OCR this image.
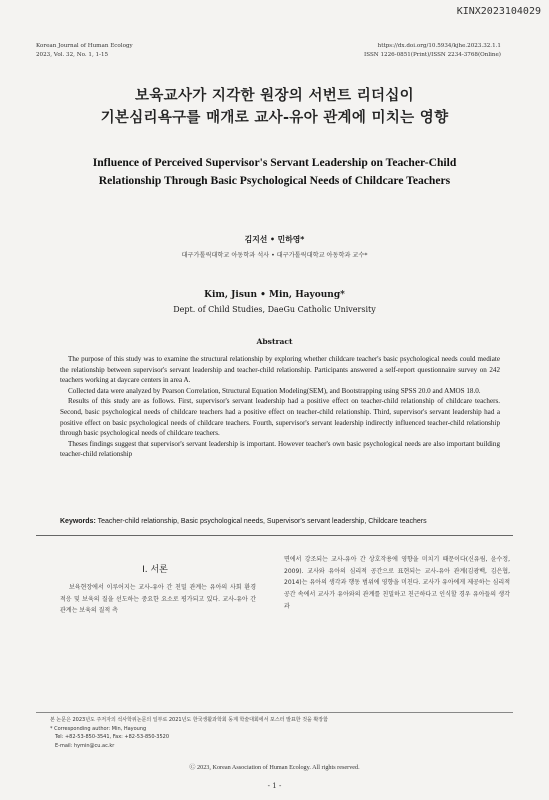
KINX2023104029
Korean Journal of Human Ecology
2023, Vol. 32, No. 1, 1-15
https://dx.doi.org/10.5934/kjhe.2023.32.1.1
ISSN 1226-0851(Print)/ISSN 2234-3768(Online)
보육교사가 지각한 원장의 서번트 리더십이
기본심리욕구를 매개로 교사-유아 관계에 미치는 영향
Influence of Perceived Supervisor's Servant Leadership on Teacher-Child
Relationship Through Basic Psychological Needs of Childcare Teachers
김지선 • 민하영*
대구가톨릭대학교 아동학과 석사 • 대구가톨릭대학교 아동학과 교수*
Kim, Jisun • Min, Hayoung*
Dept. of Child Studies, DaeGu Catholic University
Abstract

The purpose of this study was to examine the structural relationship by exploring whether childcare teacher's basic psychological needs could mediate the relationship between supervisor's servant leadership and teacher-child relationship. Participants answered a self-report questionnaire survey on 242 teachers working at daycare centers in area A.

Collected data were analyzed by Pearson Correlation, Structural Equation Modeling(SEM), and Bootstrapping using SPSS 20.0 and AMOS 18.0.

Results of this study are as follows. First, supervisor's servant leadership had a positive effect on teacher-child relationship of childcare teachers. Second, basic psychological needs of childcare teachers had a positive effect on teacher-child relationship. Third, supervisor's servant leadership had a positive effect on basic psychological needs of childcare teachers. Fourth, supervisor's servant leadership indirectly influenced teacher-child relationship through basic psychological needs of childcare teachers.

Theses findings suggest that supervisor's servant leadership is important. However teacher's own basic psychological needs are also important building teacher-child relationship

Keywords: Teacher-child relationship, Basic psychological needs, Supervisor's servant leadership, Childcare teachers
Ⅰ. 서론

보육현장에서 이루어지는 교사-유아 간 친밀 관계는 유아의 사회 환경 적응 및 보육의 질을 선도하는 중요한 요소로 평가되고 있다. 교사-유아 간 관계는 보육의 질적 측

면에서 강조되는 교사-유아 간 상호작용에 영향을 미치기 때문이다(신유림, 윤수정, 2009). 교사와 유아의 심리적 공간으로 표현되는 교사-유아 관계(김광백, 김은협, 2014)는 유아의 생각과 행동 범위에 영향을 미친다. 교사가 유아에게 제공하는 심리적 공간 속에서 교사가 유아와의 관계를 친밀하고 친근하다고 인식할 경우 유아들의 생각과

본 논문은 2023년도 주저자의 석사학위논문의 일부로 2021년도 한국생활과학회 동계 학술대회에서 포스터 발표한 것을 확장함
* Corresponding author: Min, Hayoung
Tel: +82-53-850-3541, Fax: +82-53-850-3520
E-mail: hymin@cu.ac.kr
Ⓒ 2023, Korean Association of Human Ecology. All rights reserved.
- 1 -
